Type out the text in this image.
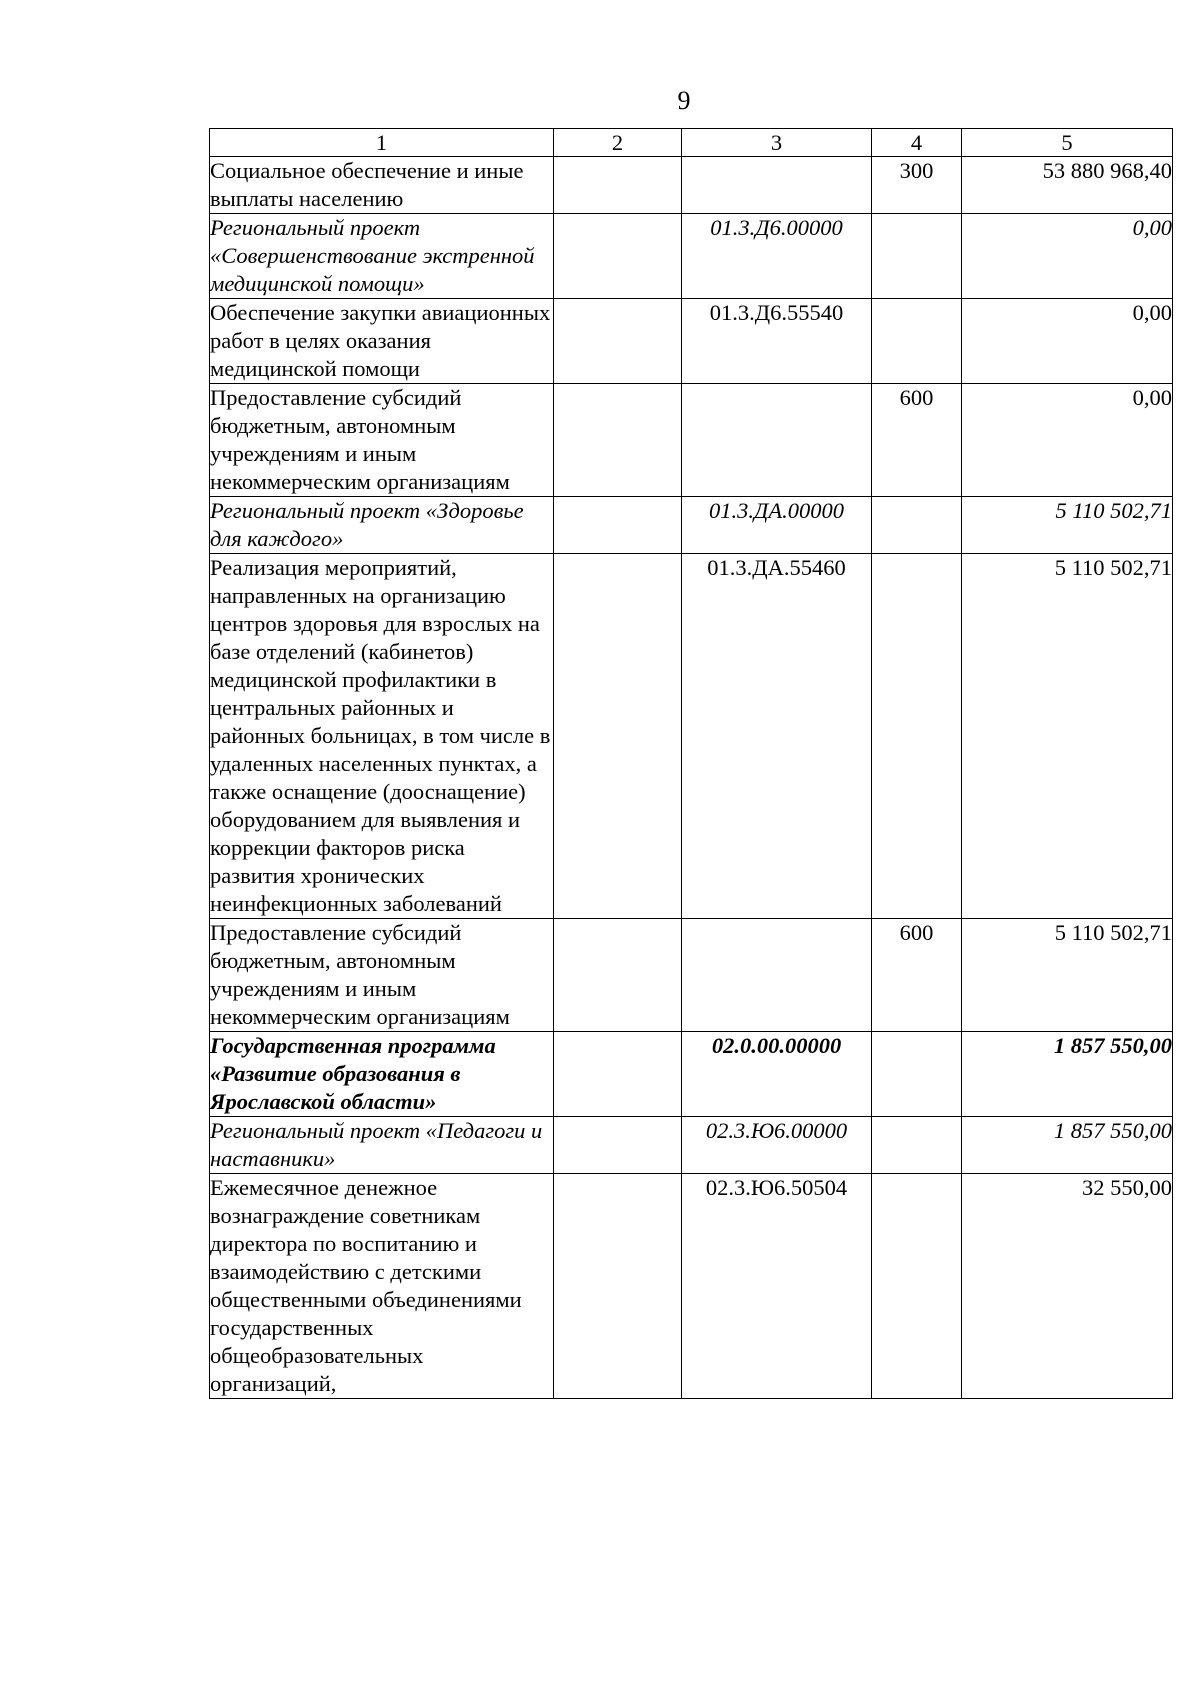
9
1	2	3	4	5
Социальное обеспечение и иные выплаты населению			300	53 880 968,40
Региональный проект «Совершенствование экстренной медицинской помощи»		01.3.Д6.00000		0,00
Обеспечение закупки авиационных работ в целях оказания медицинской помощи		01.3.Д6.55540		0,00
Предоставление субсидий бюджетным, автономным учреждениям и иным некоммерческим организациям			600	0,00
Региональный проект «Здоровье для каждого»		01.3.ДА.00000		5 110 502,71
Реализация мероприятий, направленных на организацию центров здоровья для взрослых на базе отделений (кабинетов) медицинской профилактики в центральных районных и районных больницах, в том числе в удаленных населенных пунктах, а также оснащение (дооснащение) оборудованием для выявления и коррекции факторов риска развития хронических неинфекционных заболеваний		01.3.ДА.55460		5 110 502,71
Предоставление субсидий бюджетным, автономным учреждениям и иным некоммерческим организациям			600	5 110 502,71
Государственная программа «Развитие образования в Ярославской области»		02.0.00.00000		1 857 550,00
Региональный проект «Педагоги и наставники»		02.3.Ю6.00000		1 857 550,00
Ежемесячное денежное вознаграждение советникам директора по воспитанию и взаимодействию с детскими общественными объединениями государственных общеобразовательных организаций,		02.3.Ю6.50504		32 550,00
